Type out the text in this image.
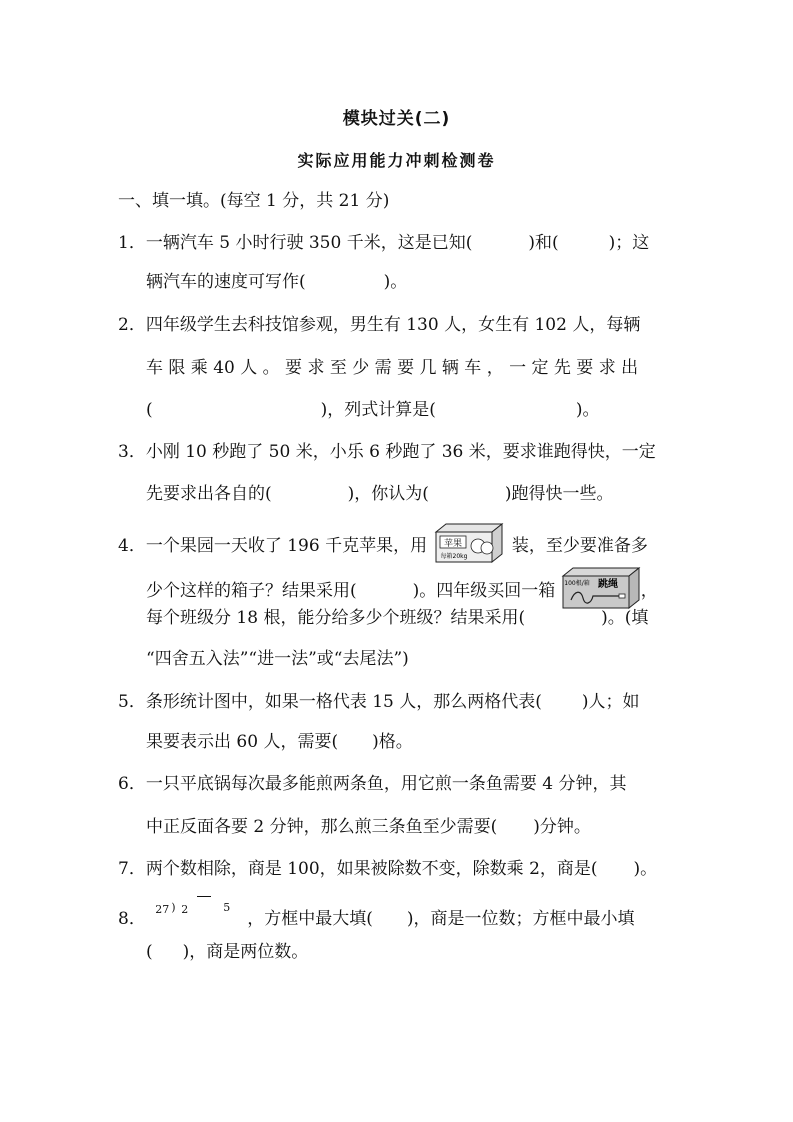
模块过关(二)
实际应用能力冲刺检测卷
一、填一填。(每空 1 分，共 21 分)
1．一辆汽车 5 小时行驶 350 千米，这是已知(	)和(	)；这
辆汽车的速度可写作(	)。
2．四年级学生去科技馆参观，男生有 130 人，女生有 102 人，每辆
车 限 乘 40 人 。 要 求 至 少 需 要 几 辆 车 ， 一 定 先 要 求 出
(	)，列式计算是(	)。
3．小刚 10 秒跑了 50 米，小乐 6 秒跑了 36 米，要求谁跑得快，一定
先要求出各自的(	)，你认为(	)跑得快一些。
4．一个果园一天收了 196 千克苹果，用 苹果
每箱20kg
装，至少要准备多
少个这样的箱子？结果采用(	)。四年级买回一箱 100根/箱 跳绳 ，
每个班级分 18 根，能分给多少个班级？结果采用(	)。(填
“四舍五入法”“进一法”或“去尾法”)
5．条形统计图中，如果一格代表 15 人，那么两格代表( )人；如
果要表示出 60 人，需要( )格。
6．一只平底锅每次最多能煎两条鱼，用它煎一条鱼需要 4 分钟，其
中正反面各要 2 分钟，那么煎三条鱼至少需要( )分钟。
7．两个数相除，商是 100，如果被除数不变，除数乘 2，商是( )。
8． 27 ) 2	5
，方框中最大填( )，商是一位数；方框中最小填
( )，商是两位数。
